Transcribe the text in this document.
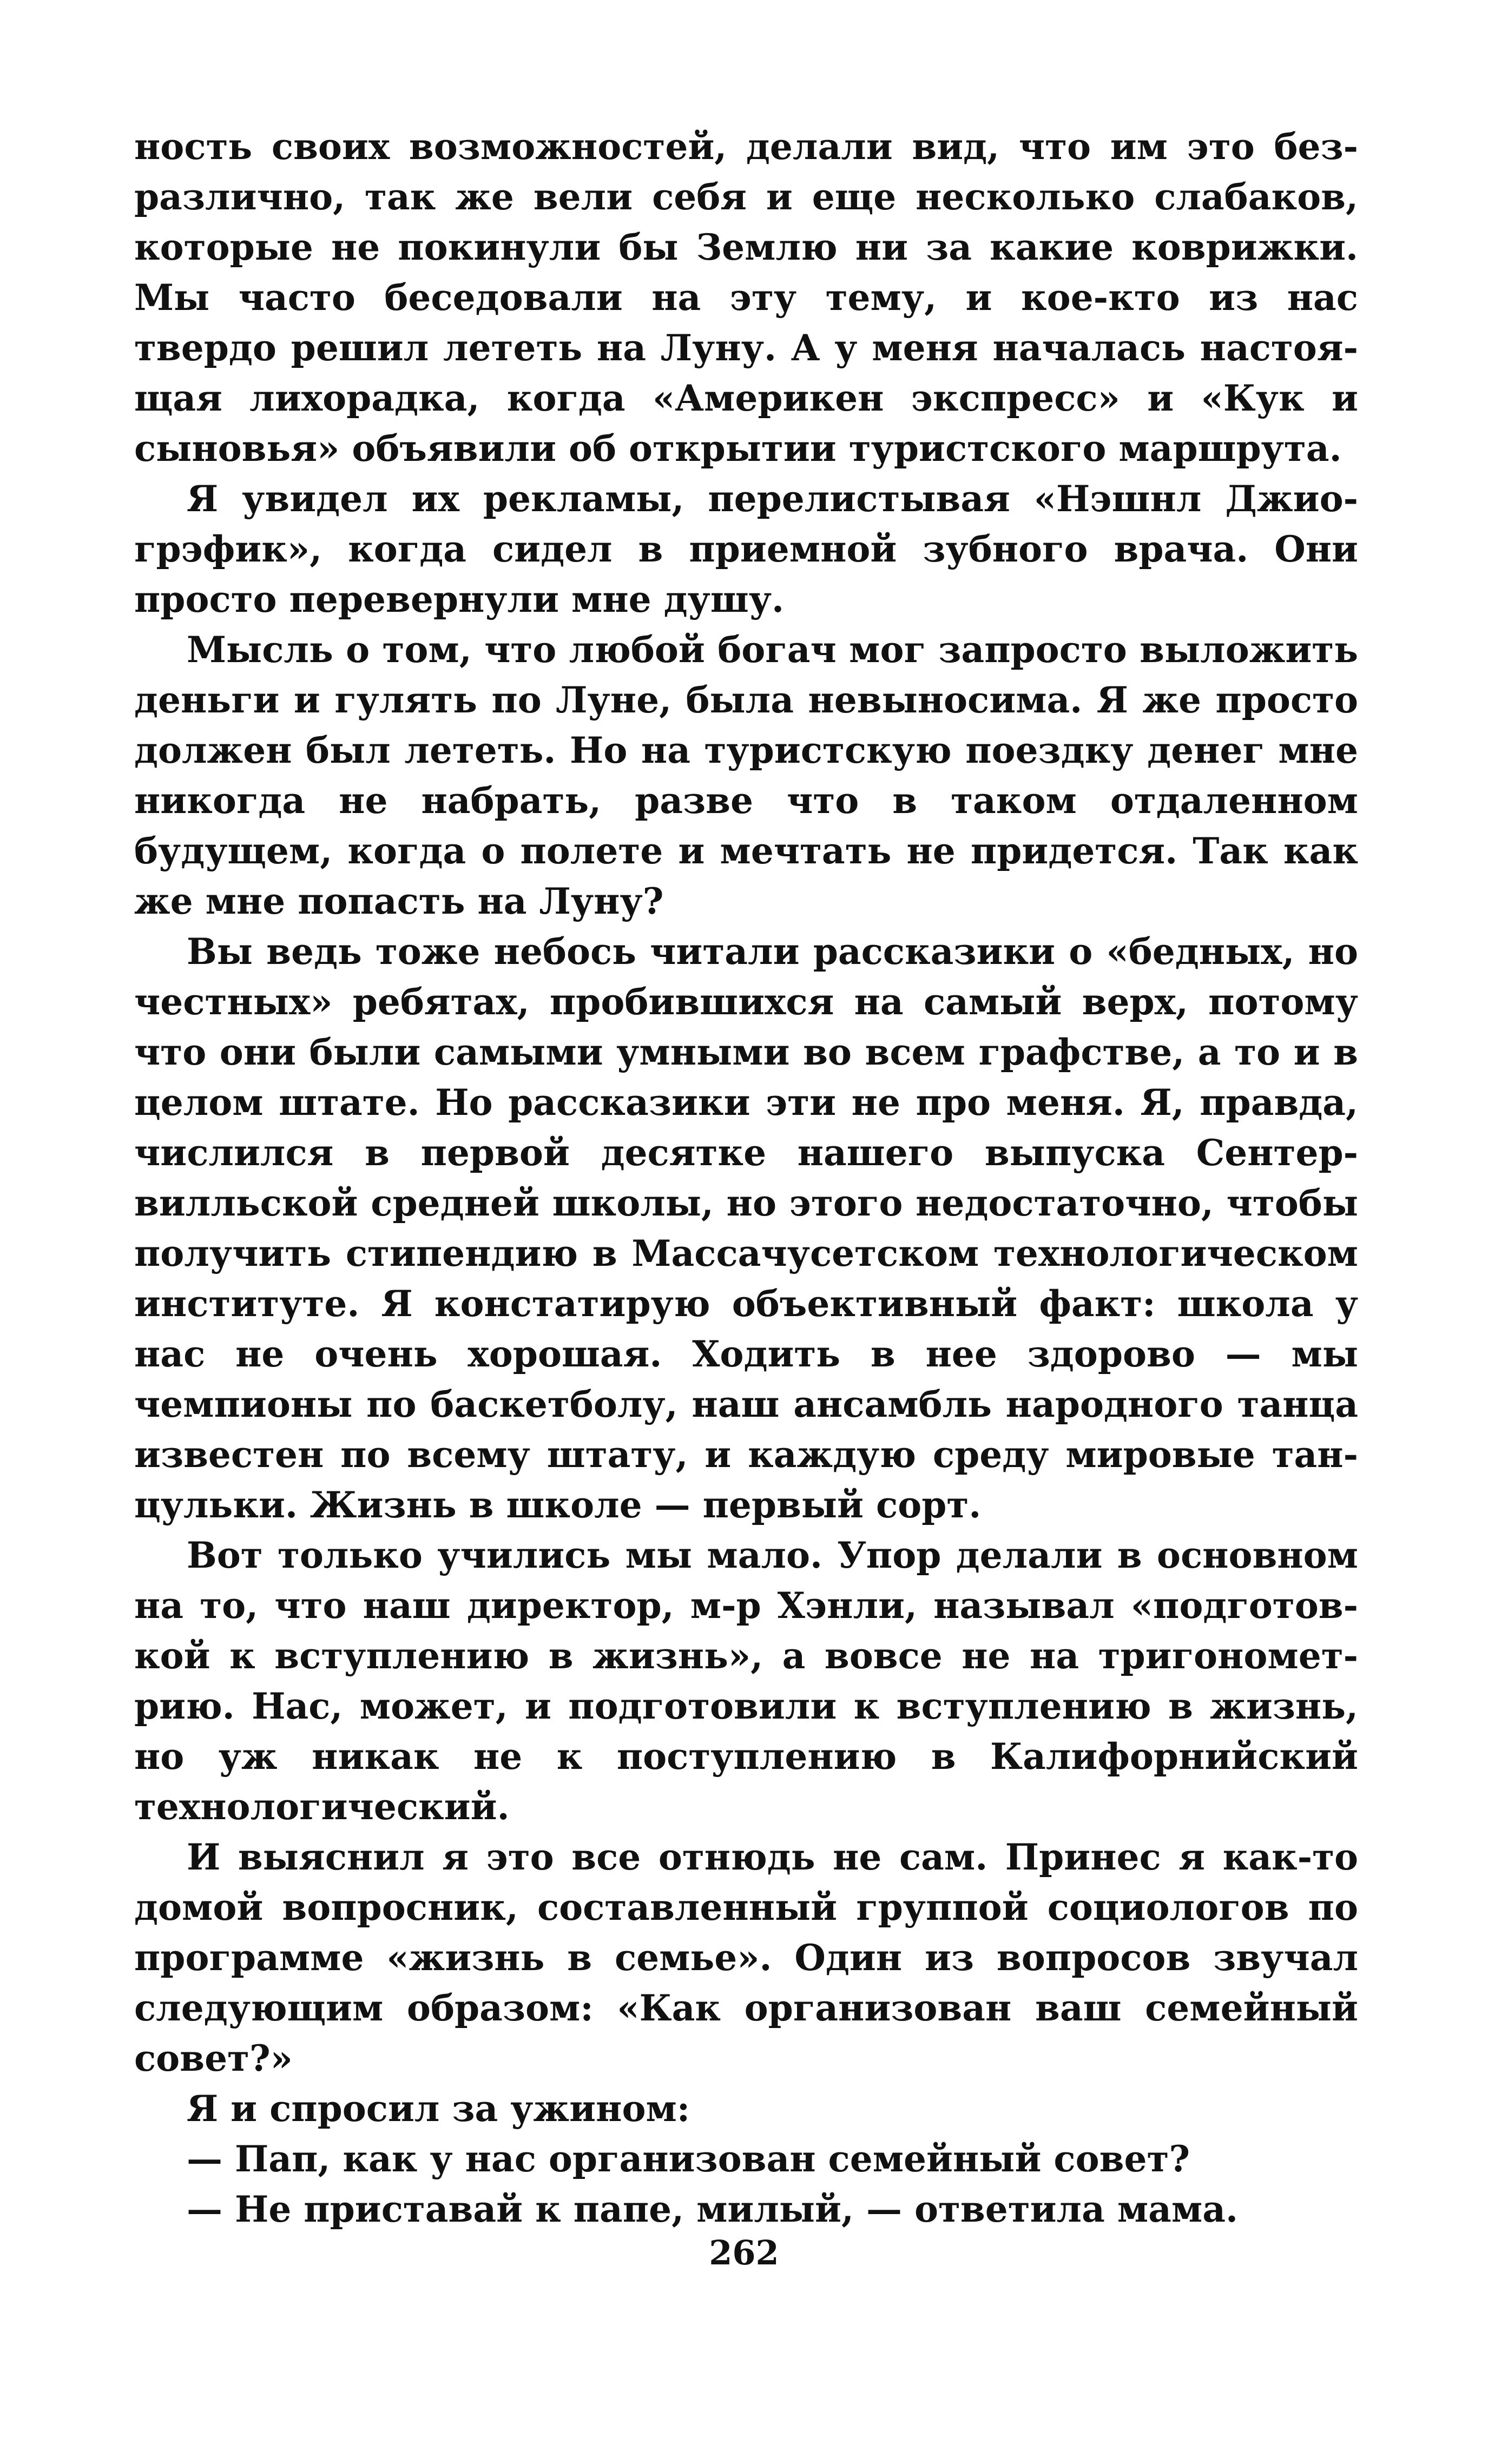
ность своих возможностей, делали вид, что им это безразлично, так же вели себя и еще несколько слабаков, которые не покинули бы Землю ни за какие коврижки. Мы часто беседовали на эту тему, и кое-кто из нас твердо решил лететь на Луну. А у меня началась настоящая лихорадка, когда «Америкен экспресс» и «Кук и сыновья» объявили об открытии туристского маршрута.

Я увидел их рекламы, перелистывая «Нэшнл Джиогрэфик», когда сидел в приемной зубного врача. Они просто перевернули мне душу.

Мысль о том, что любой богач мог запросто выложить деньги и гулять по Луне, была невыносима. Я же просто должен был лететь. Но на туристскую поездку денег мне никогда не набрать, разве что в таком отдаленном будущем, когда о полете и мечтать не придется. Так как же мне попасть на Луну?

Вы ведь тоже небось читали рассказики о «бедных, но честных» ребятах, пробившихся на самый верх, потому что они были самыми умными во всем графстве, а то и в целом штате. Но рассказики эти не про меня. Я, правда, числился в первой десятке нашего выпуска Сентервилльской средней школы, но этого недостаточно, чтобы получить стипендию в Массачусетском технологическом институте. Я констатирую объективный факт: школа у нас не очень хорошая. Ходить в нее здорово — мы чемпионы по баскетболу, наш ансамбль народного танца известен по всему штату, и каждую среду мировые танцульки. Жизнь в школе — первый сорт.

Вот только учились мы мало. Упор делали в основном на то, что наш директор, м-р Хэнли, называл «подготовкой к вступлению в жизнь», а вовсе не на тригонометрию. Нас, может, и подготовили к вступлению в жизнь, но уж никак не к поступлению в Калифорнийский технологический.

И выяснил я это все отнюдь не сам. Принес я как-то домой вопросник, составленный группой социологов по программе «жизнь в семье». Один из вопросов звучал следующим образом: «Как организован ваш семейный совет?»

Я и спросил за ужином:

— Пап, как у нас организован семейный совет?

— Не приставай к папе, милый, — ответила мама.

262
